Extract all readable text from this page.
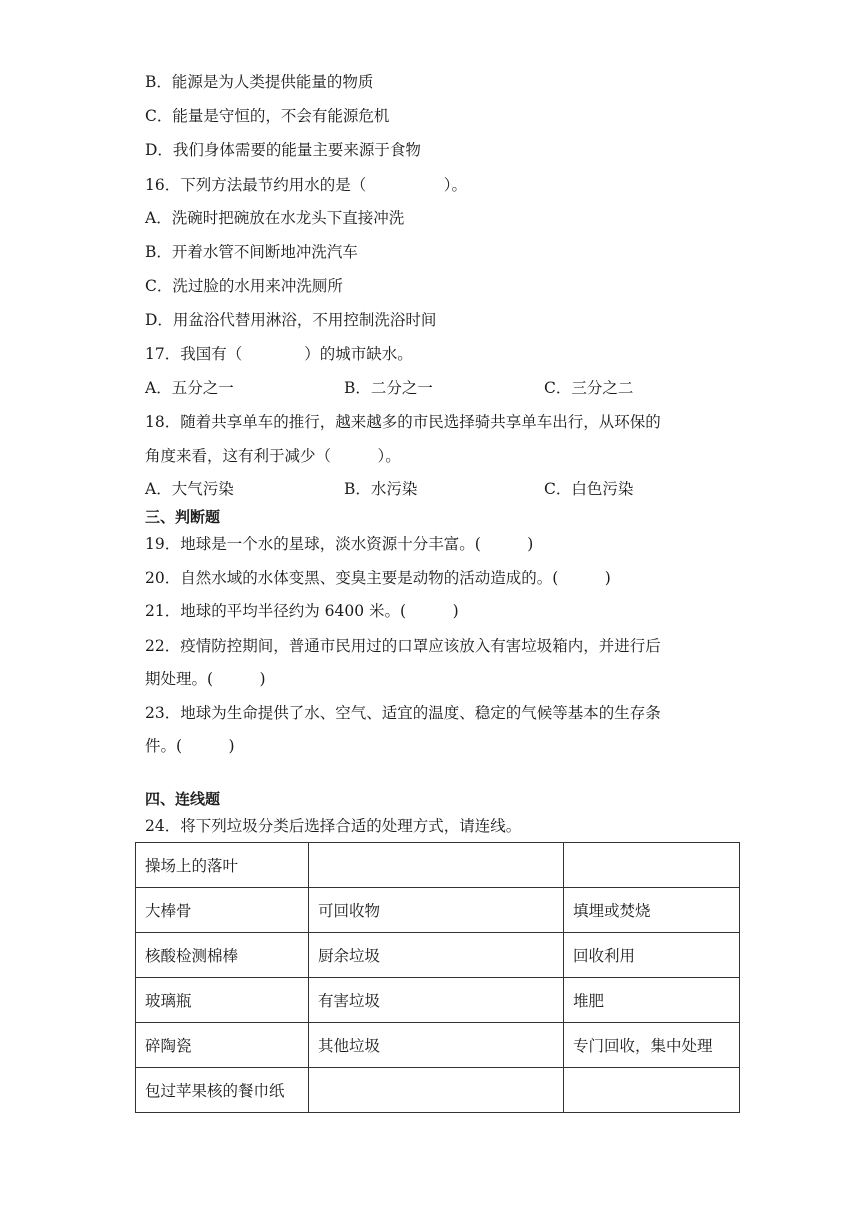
B．能源是为人类提供能量的物质
C．能量是守恒的，不会有能源危机
D．我们身体需要的能量主要来源于食物
16．下列方法最节约用水的是（　　　　　）。
A．洗碗时把碗放在水龙头下直接冲洗
B．开着水管不间断地冲洗汽车
C．洗过脸的水用来冲洗厕所
D．用盆浴代替用淋浴，不用控制洗浴时间
17．我国有（　　　　）的城市缺水。
A．五分之一	B．二分之一	C．三分之二
18．随着共享单车的推行，越来越多的市民选择骑共享单车出行，从环保的
角度来看，这有利于减少（　　　）。
A．大气污染	B．水污染	C．白色污染
三、判断题
19．地球是一个水的星球，淡水资源十分丰富。(　　　)
20．自然水域的水体变黑、变臭主要是动物的活动造成的。(　　　)
21．地球的平均半径约为 6400 米。(　　　)
22．疫情防控期间，普通市民用过的口罩应该放入有害垃圾箱内，并进行后
期处理。(　　　)
23．地球为生命提供了水、空气、适宜的温度、稳定的气候等基本的生存条
件。(　　　)
四、连线题
24．将下列垃圾分类后选择合适的处理方式，请连线。
操场上的落叶		
大棒骨	可回收物	填埋或焚烧
核酸检测棉棒	厨余垃圾	回收利用
玻璃瓶	有害垃圾	堆肥
碎陶瓷	其他垃圾	专门回收，集中处理
包过苹果核的餐巾纸		
